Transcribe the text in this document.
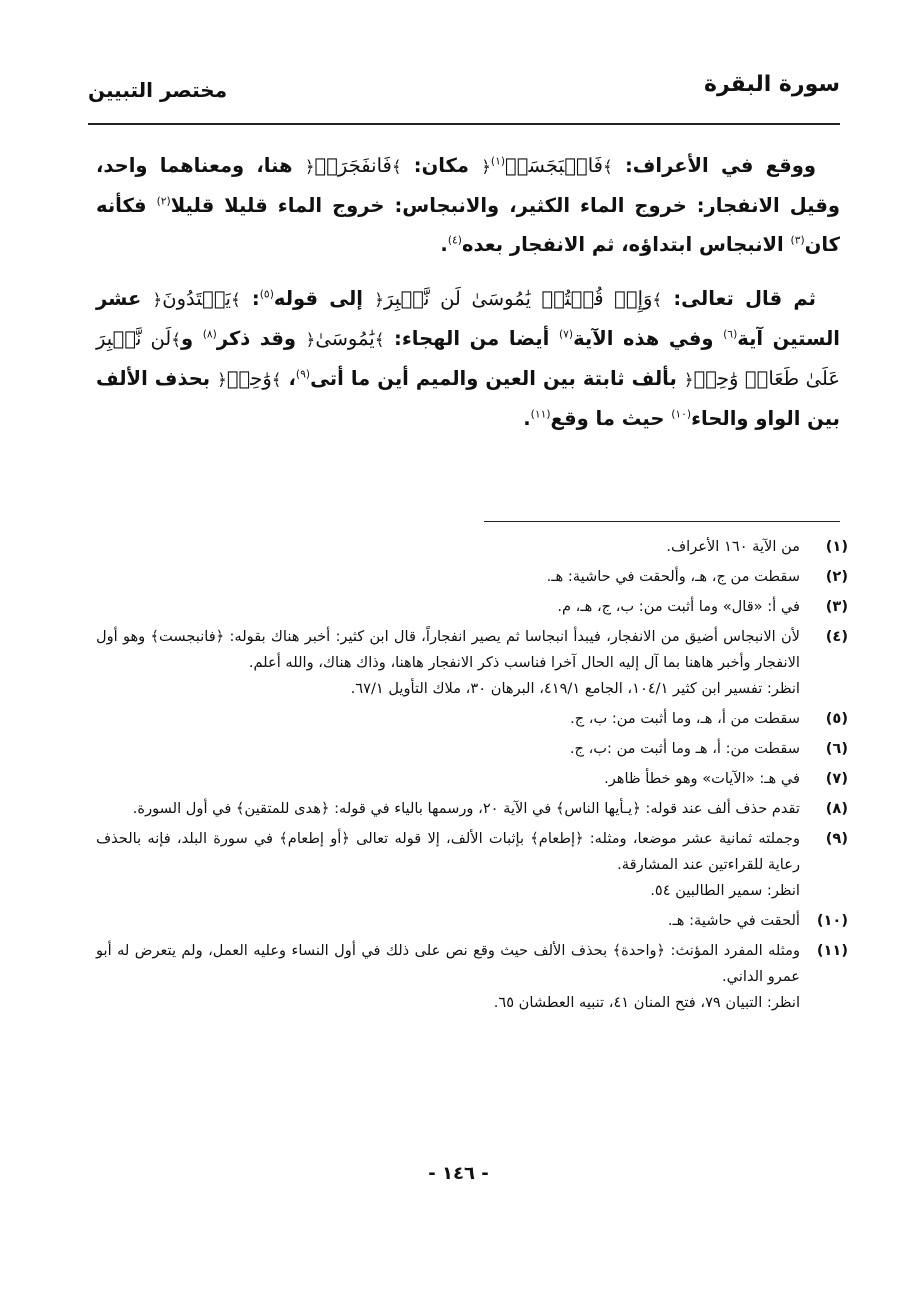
سورة البقرة
مختصر التبيين

ووقع في الأعراف: ﴾فَانۢبَجَسَتۡ$^{(١)}$﴿ مكان: ﴾فَانفَجَرَتۡ﴿ هنا، ومعناهما واحد، وقيل الانفجار: خروج الماء الكثير، والانبجاس: خروج الماء قليلا قليلا$^{(٢)}$ فكأنه كان$^{(٣)}$ الانبجاس ابتداؤه، ثم الانفجار بعده$^{(٤)}$.

ثم قال تعالى: ﴾وَإِذۡ قُلۡتُمۡ يَٰمُوسَىٰ لَن نَّصۡبِرَ﴿ إلى قوله$^{(٥)}$: ﴾يَعۡتَدُونَ﴿ عشر الستين آية$^{(٦)}$ وفي هذه الآية$^{(٧)}$ أيضا من الهجاء: ﴾يَٰمُوسَىٰ﴿ وقد ذكر$^{(٨)}$ و﴾لَن نَّصۡبِرَ عَلَىٰ طَعَامٖ وَٰحِدٖ﴿ بألف ثابتة بين العين والميم أين ما أتى$^{(٩)}$، ﴾وَٰحِدٖ﴿ بحذف الألف بين الواو والحاء$^{(١٠)}$ حيث ما وقع$^{(١١)}$.

(١)
من الآية ١٦٠ الأعراف.
(٢)
سقطت من ج، هـ، وألحقت في حاشية: هـ.
(٣)
في أ: «قال» وما أثبت من: ب، ج، هـ، م.
(٤)
لأن الانبجاس أضيق من الانفجار، فيبدأ انبجاسا ثم يصير انفجاراً، قال ابن كثير: أخبر هناك بقوله: ﴿فانبجست﴾ وهو أول الانفجار وأخبر هاهنا بما آل إليه الحال آخرا فناسب ذكر الانفجار هاهنا، وذاك هناك، والله أعلم.
انظر: تفسير ابن كثير ١٠٤/١، الجامع ٤١٩/١، البرهان ٣٠، ملاك التأويل ٦٧/١.
(٥)
سقطت من أ، هـ، وما أثبت من: ب، ج.
(٦)
سقطت من: أ، هـ وما أثبت من :ب، ج.
(٧)
في هـ: «الآيات» وهو خطأ ظاهر.
(٨)
تقدم حذف ألف عند قوله: ﴿يـأيها الناس﴾ في الآية ٢٠، ورسمها بالياء في قوله: ﴿هدى للمتقين﴾ في أول السورة.
(٩)
وجملته ثمانية عشر موضعا، ومثله: ﴿إطعام﴾ بإثبات الألف، إلا قوله تعالى ﴿أو إطعام﴾ في سورة البلد، فإنه بالحذف رعاية للقراءتين عند المشارقة.
انظر: سمير الطالبين ٥٤.
(١٠)
ألحقت في حاشية: هـ.
(١١)
ومثله المفرد المؤنث: ﴿واحدة﴾ بحذف الألف حيث وقع نص على ذلك في أول النساء وعليه العمل، ولم يتعرض له أبو عمرو الداني.
انظر: التبيان ٧٩، فتح المنان ٤١، تنبيه العطشان ٦٥.
- ١٤٦ -
